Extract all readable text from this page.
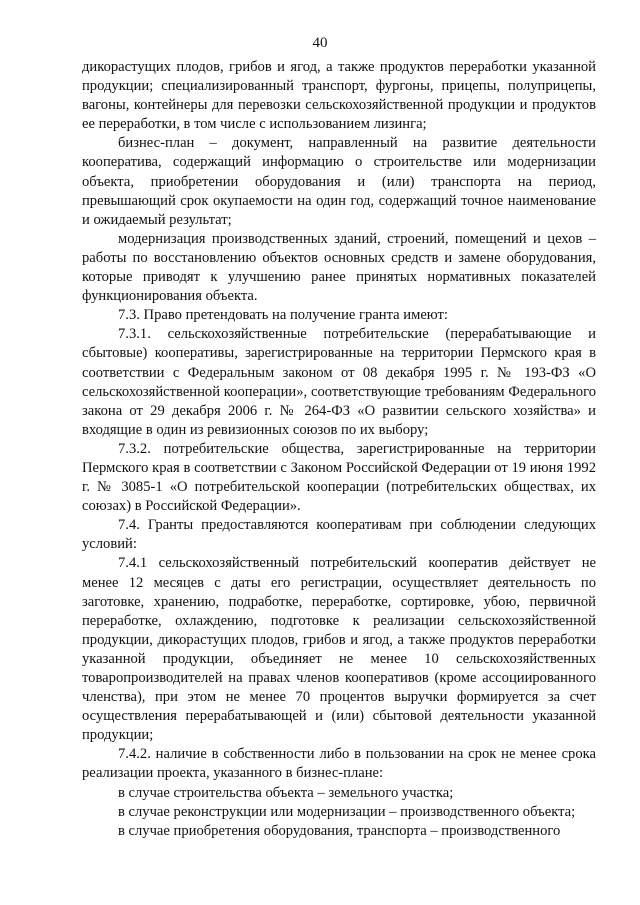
40

дикорастущих плодов, грибов и ягод, а также продуктов переработки указанной продукции; специализированный транспорт, фургоны, прицепы, полуприцепы, вагоны, контейнеры для перевозки сельскохозяйственной продукции и продуктов ее переработки, в том числе с использованием лизинга;

бизнес-план – документ, направленный на развитие деятельности кооператива, содержащий информацию о строительстве или модернизации объекта, приобретении оборудования и (или) транспорта на период, превышающий срок окупаемости на один год, содержащий точное наименование и ожидаемый результат;

модернизация производственных зданий, строений, помещений и цехов – работы по восстановлению объектов основных средств и замене оборудования, которые приводят к улучшению ранее принятых нормативных показателей функционирования объекта.

7.3. Право претендовать на получение гранта имеют:

7.3.1. сельскохозяйственные потребительские (перерабатывающие и сбытовые) кооперативы, зарегистрированные на территории Пермского края в соответствии с Федеральным законом от 08 декабря 1995 г. № 193-ФЗ «О сельскохозяйственной кооперации», соответствующие требованиям Федерального закона от 29 декабря 2006 г. № 264-ФЗ «О развитии сельского хозяйства» и входящие в один из ревизионных союзов по их выбору;

7.3.2. потребительские общества, зарегистрированные на территории Пермского края в соответствии с Законом Российской Федерации от 19 июня 1992 г. № 3085-1 «О потребительской кооперации (потребительских обществах, их союзах) в Российской Федерации».

7.4. Гранты предоставляются кооперативам при соблюдении следующих условий:

7.4.1 сельскохозяйственный потребительский кооператив действует не менее 12 месяцев с даты его регистрации, осуществляет деятельность по заготовке, хранению, подработке, переработке, сортировке, убою, первичной переработке, охлаждению, подготовке к реализации сельскохозяйственной продукции, дикорастущих плодов, грибов и ягод, а также продуктов переработки указанной продукции, объединяет не менее 10 сельскохозяйственных товаропроизводителей на правах членов кооперативов (кроме ассоциированного членства), при этом не менее 70 процентов выручки формируется за счет осуществления перерабатывающей и (или) сбытовой деятельности указанной продукции;

7.4.2. наличие в собственности либо в пользовании на срок не менее срока реализации проекта, указанного в бизнес-плане:

в случае строительства объекта – земельного участка;

в случае реконструкции или модернизации – производственного объекта;

в случае приобретения оборудования, транспорта – производственного
